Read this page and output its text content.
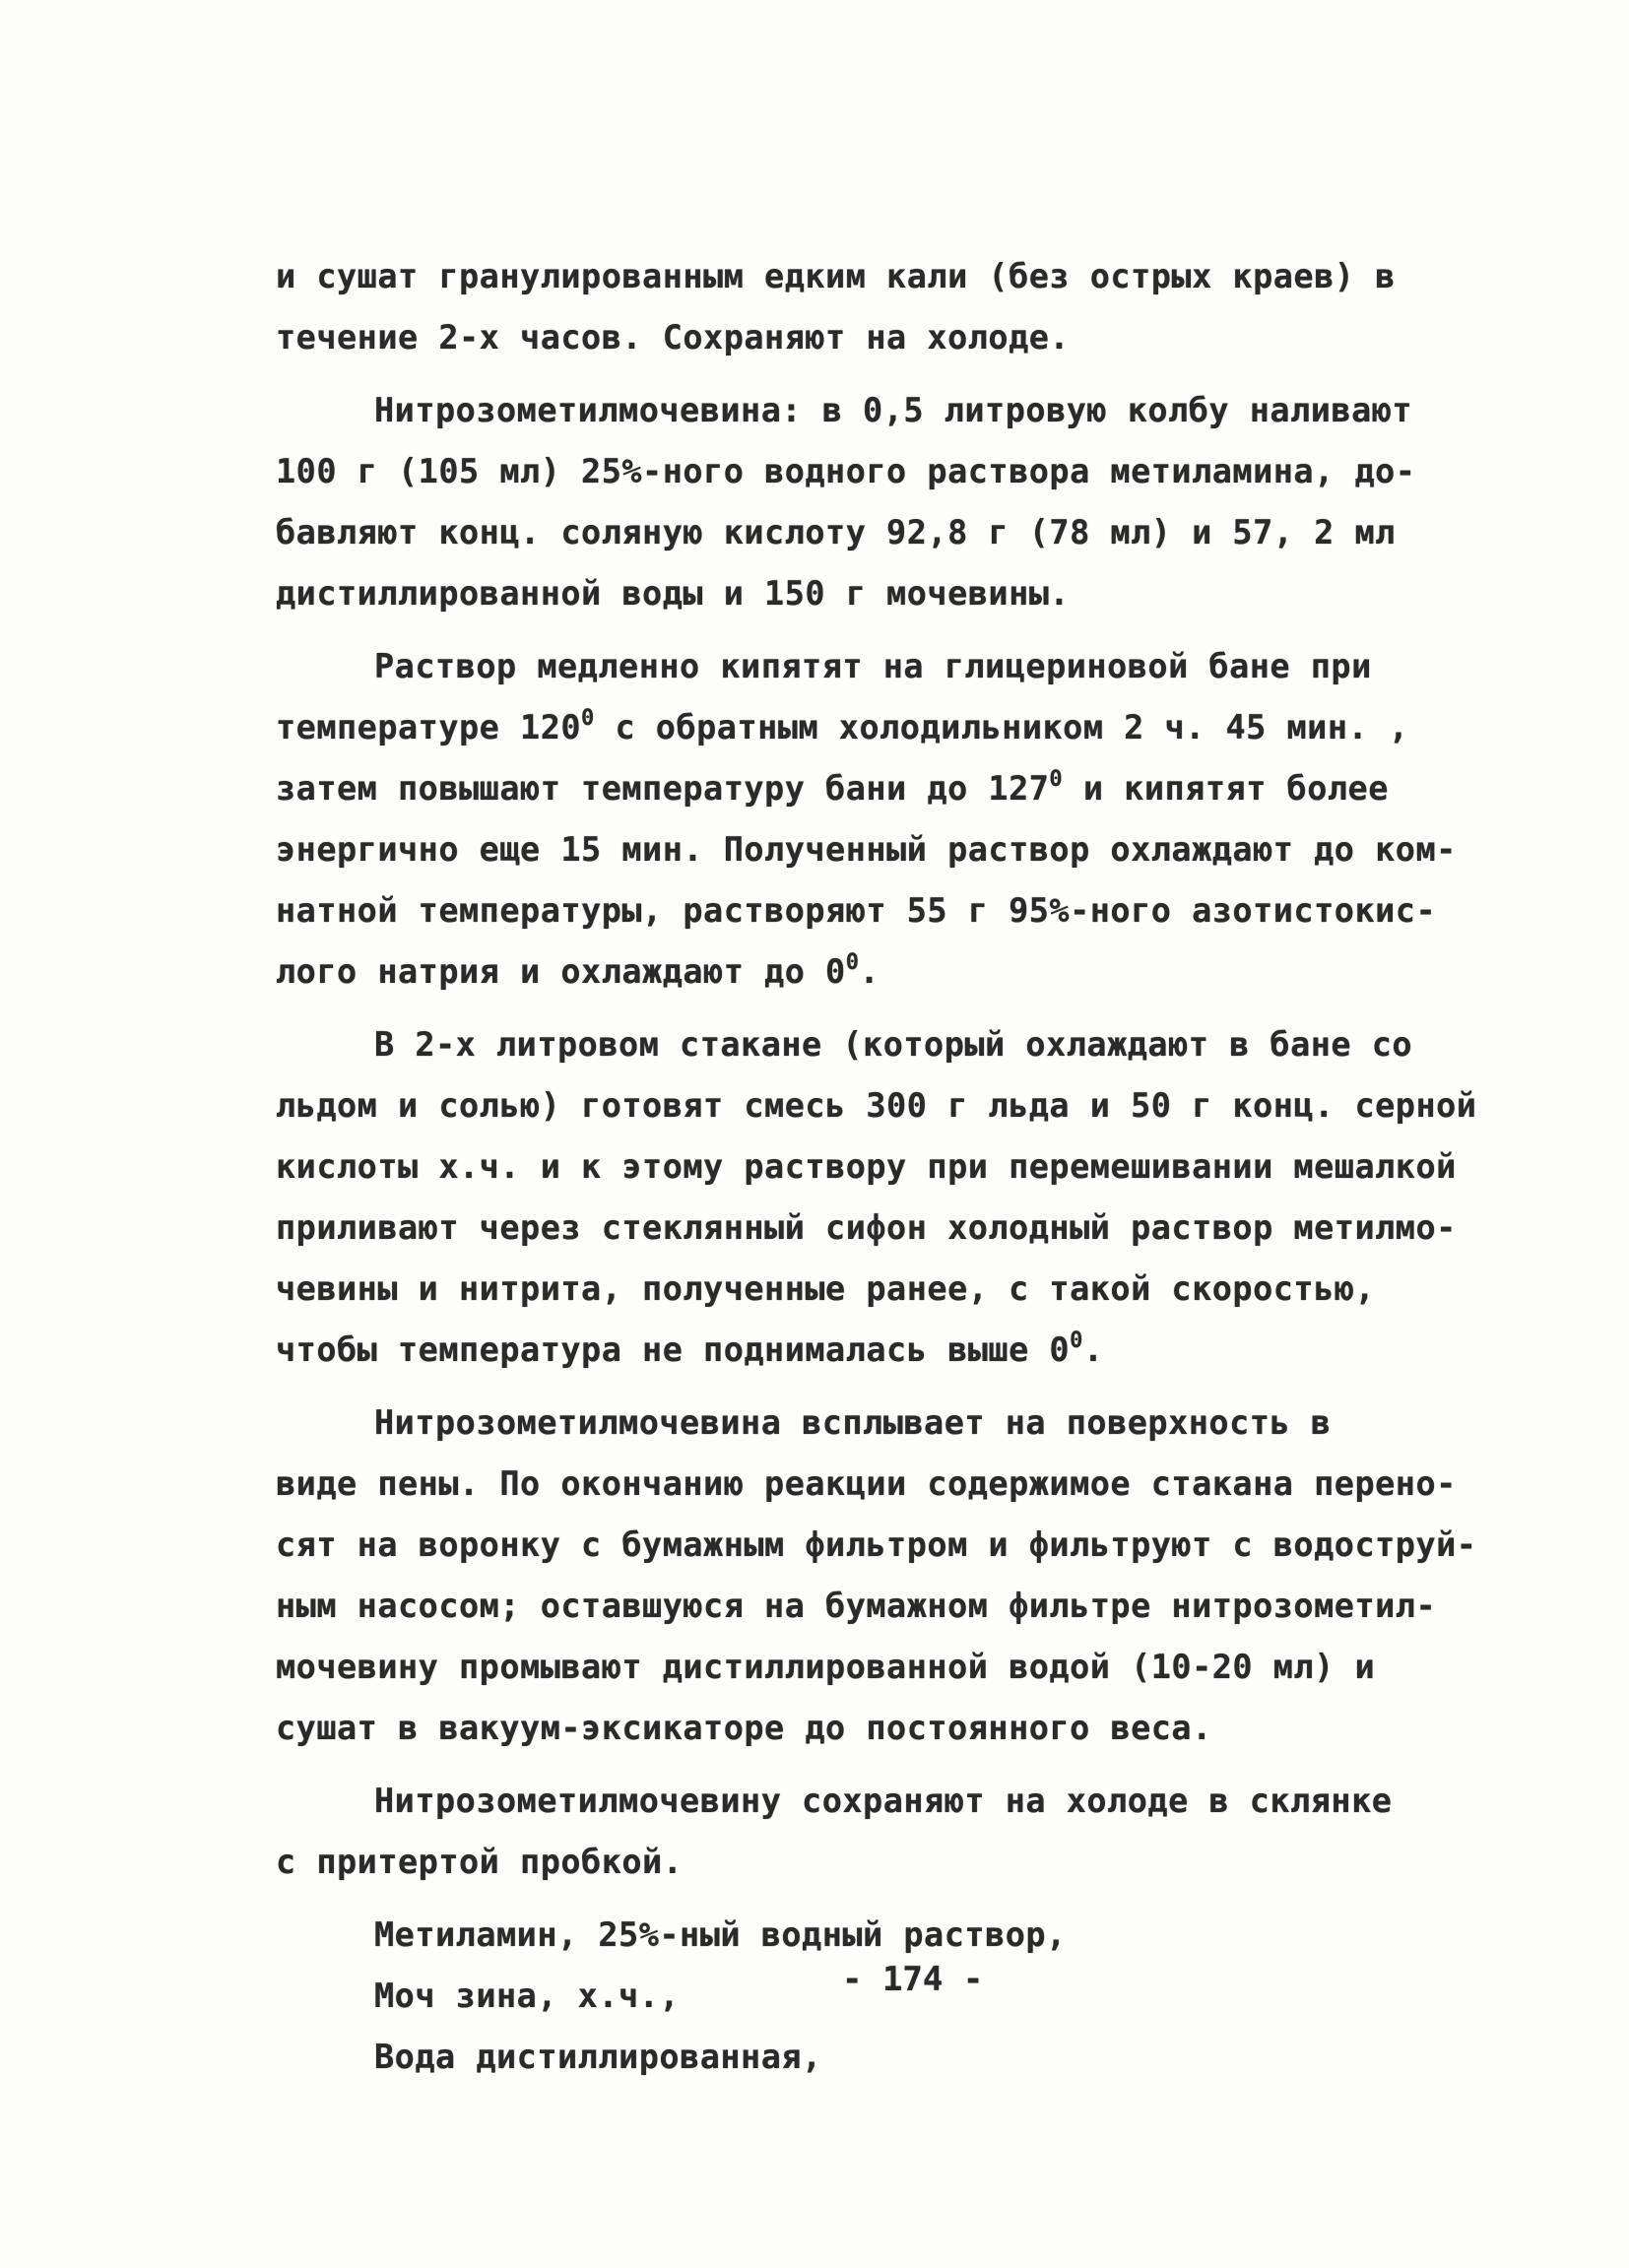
и сушат гранулированным едким кали (без острых краев) в
течение 2-х часов. Сохраняют на холоде.
Нитрозометилмочевина: в 0,5 литровую колбу наливают
100 г (105 мл) 25%-ного водного раствора метиламина, до-
бавляют конц. соляную кислоту 92,8 г (78 мл) и 57, 2 мл
дистиллированной воды и 150 г мочевины.
Раствор медленно кипятят на глицериновой бане при
температуре $120^0$ с обратным холодильником 2 ч. 45 мин. ,
затем повышают температуру бани до $127^0$ и кипятят более
энергично еще 15 мин. Полученный раствор охлаждают до ком-
натной температуры, растворяют 55 г 95%-ного азотистокис-
лого натрия и охлаждают до $0^0$.
В 2-х литровом стакане (который охлаждают в бане со
льдом и солью) готовят смесь 300 г льда и 50 г конц. серной
кислоты х.ч. и к этому раствору при перемешивании мешалкой
приливают через стеклянный сифон холодный раствор метилмо-
чевины и нитрита, полученные ранее, с такой скоростью,
чтобы температура не поднималась выше $0^0$.
Нитрозометилмочевина всплывает на поверхность в
виде пены. По окончанию реакции содержимое стакана перено-
сят на воронку с бумажным фильтром и фильтруют с водоструй-
ным насосом; оставшуюся на бумажном фильтре нитрозометил-
мочевину промывают дистиллированной водой (10-20 мл) и
сушат в вакуум-эксикаторе до постоянного веса.
Нитрозометилмочевину сохраняют на холоде в склянке
с притертой пробкой.
Метиламин, 25%-ный водный раствор,
Моч зина, х.ч.,
Вода дистиллированная,
- 174 -
